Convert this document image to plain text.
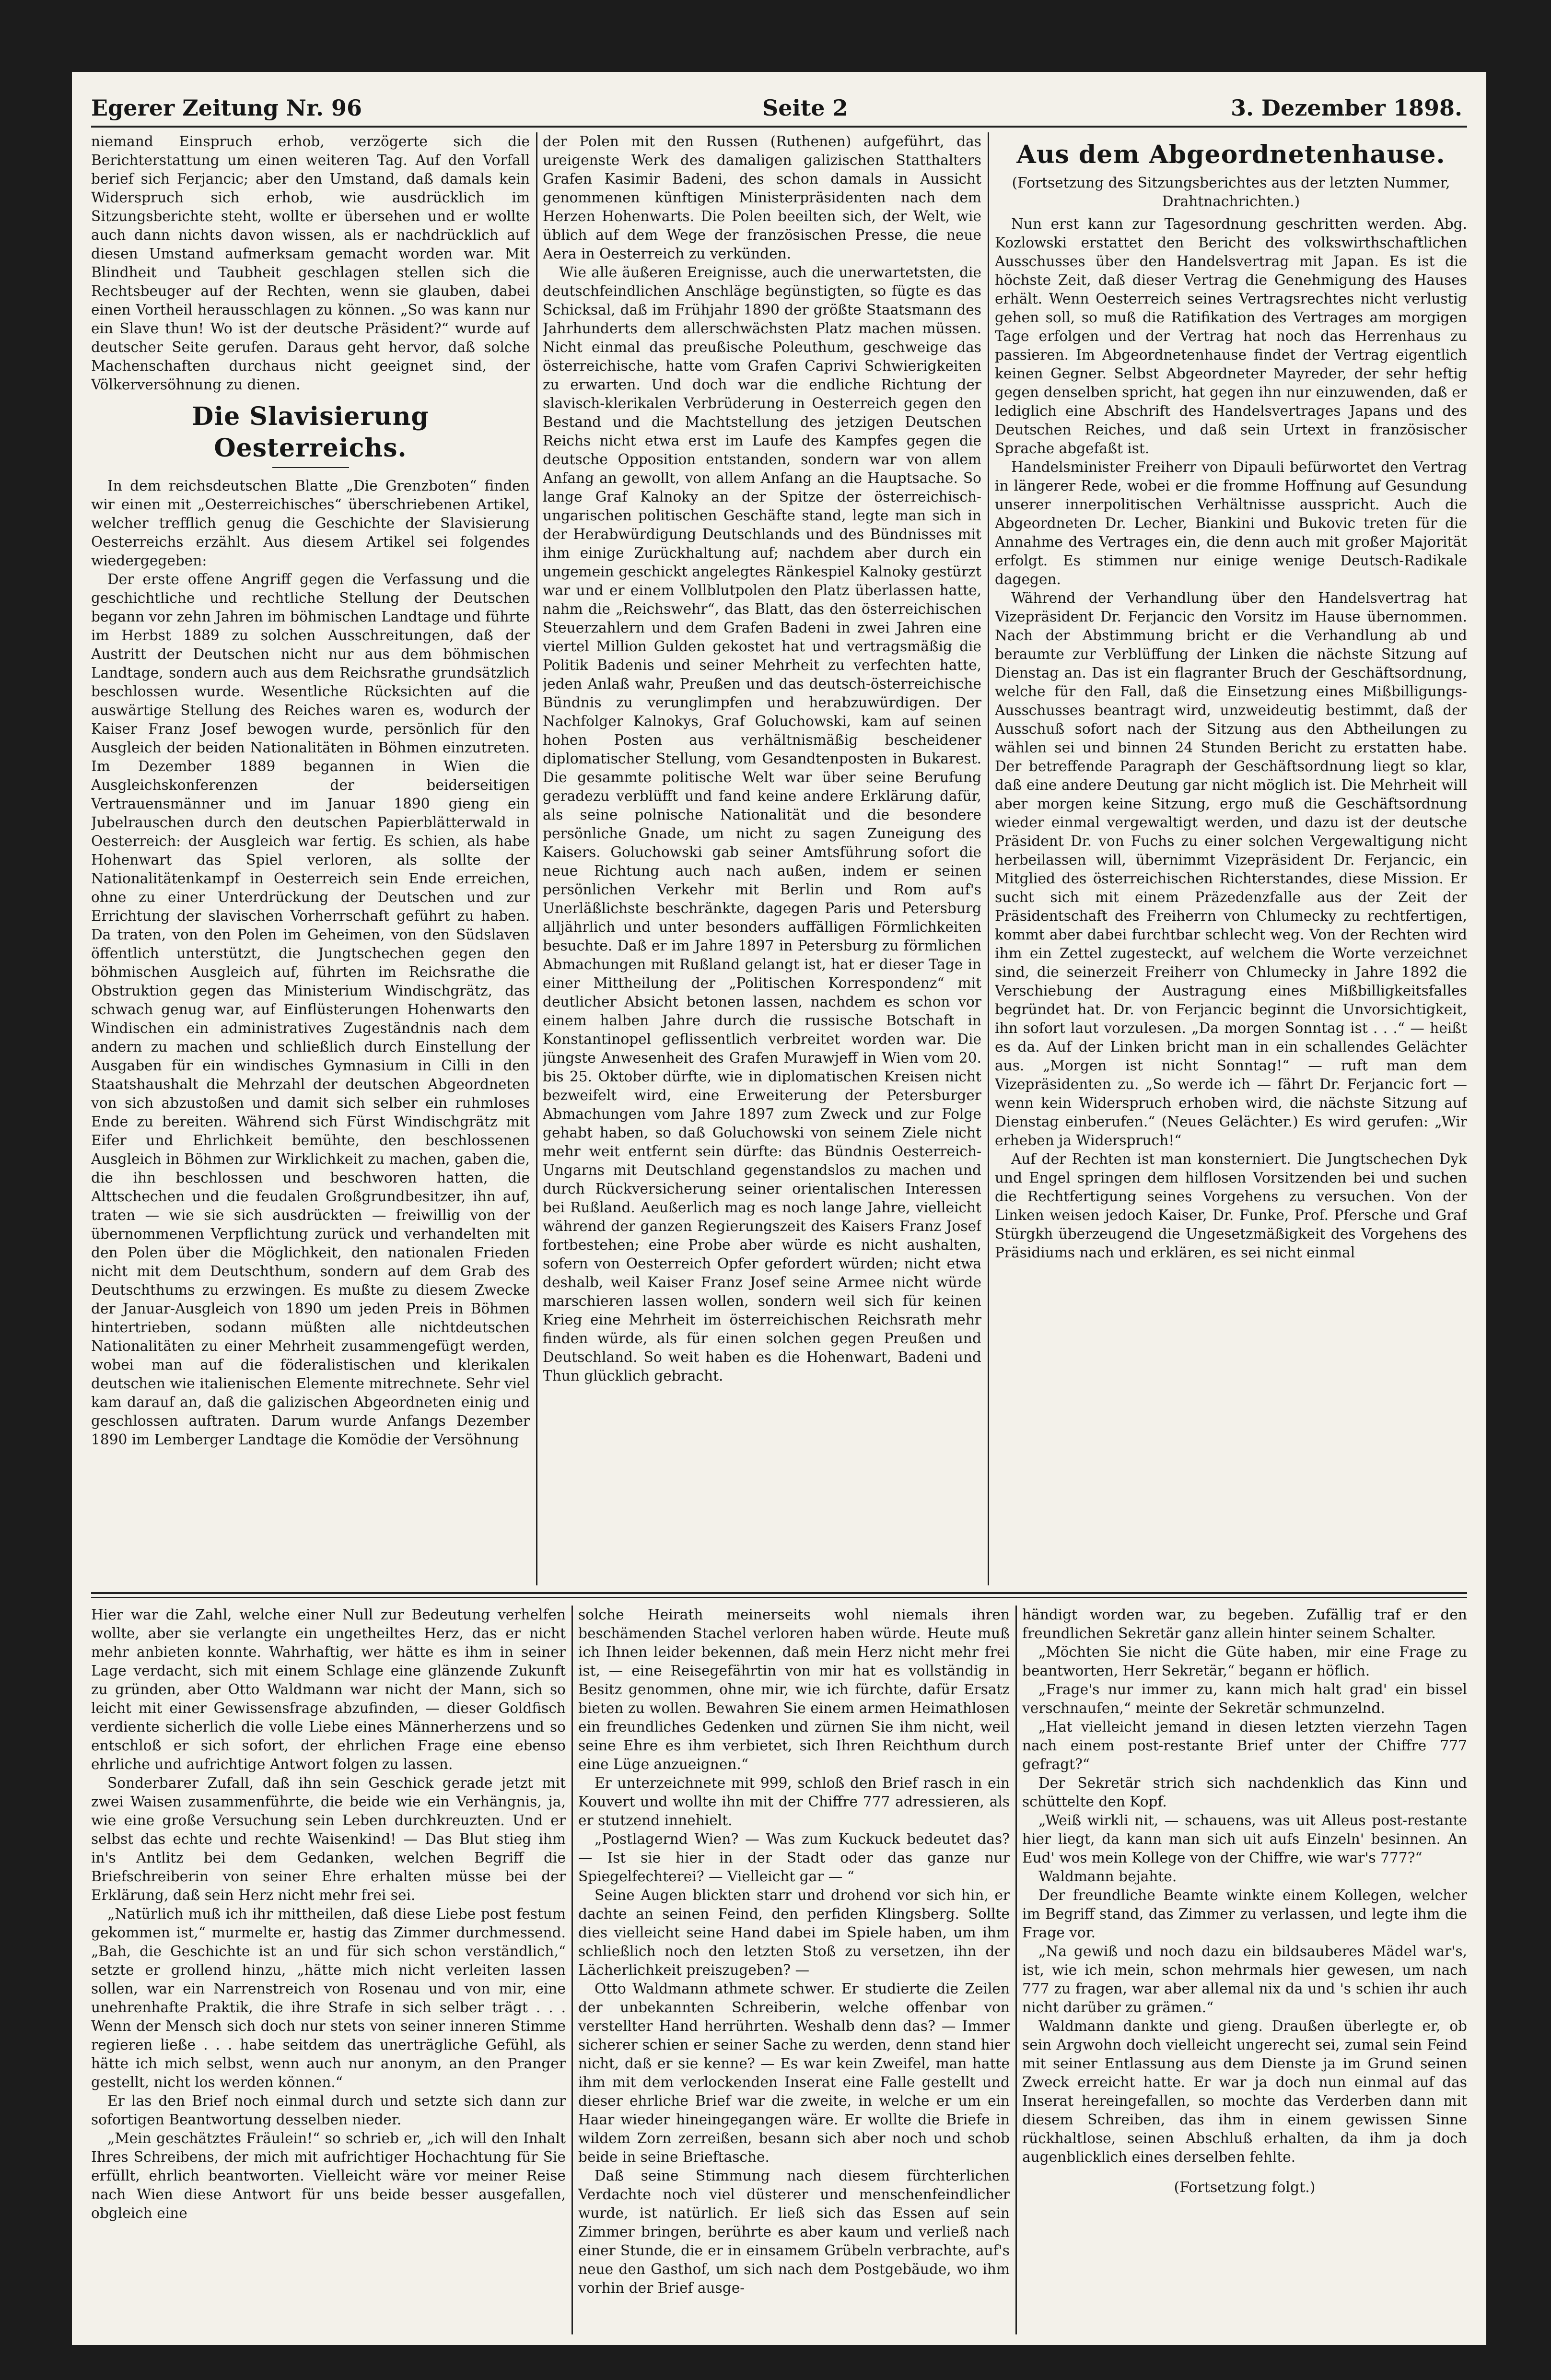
Egerer Zeitung Nr. 96	Seite 2	3. Dezember 1898.

niemand Einspruch erhob, verzögerte sich die Berichterstattung um einen weiteren Tag. Auf den Vorfall berief sich Ferjancic; aber den Umstand, daß damals kein Widerspruch sich erhob, wie ausdrücklich im Sitzungsberichte steht, wollte er übersehen und er wollte auch dann nichts davon wissen, als er nachdrücklich auf diesen Umstand aufmerksam gemacht worden war. Mit Blindheit und Taubheit geschlagen stellen sich die Rechtsbeuger auf der Rechten, wenn sie glauben, dabei einen Vortheil herausschlagen zu können. „So was kann nur ein Slave thun! Wo ist der deutsche Präsident?“ wurde auf deutscher Seite gerufen. Daraus geht hervor, daß solche Machenschaften durchaus nicht geeignet sind, der Völkerversöhnung zu dienen.

Die Slavisierung Oesterreichs.

In dem reichsdeutschen Blatte „Die Grenzboten“ finden wir einen mit „Oesterreichisches“ überschriebenen Artikel, welcher trefflich genug die Geschichte der Slavisierung Oesterreichs erzählt. Aus diesem Artikel sei folgendes wiedergegeben:

Der erste offene Angriff gegen die Verfassung und die geschichtliche und rechtliche Stellung der Deutschen begann vor zehn Jahren im böhmischen Landtage und führte im Herbst 1889 zu solchen Ausschreitungen, daß der Austritt der Deutschen nicht nur aus dem böhmischen Landtage, sondern auch aus dem Reichsrathe grundsätzlich beschlossen wurde. Wesentliche Rücksichten auf die auswärtige Stellung des Reiches waren es, wodurch der Kaiser Franz Josef bewogen wurde, persönlich für den Ausgleich der beiden Nationalitäten in Böhmen einzutreten. Im Dezember 1889 begannen in Wien die Ausgleichskonferenzen der beiderseitigen Vertrauensmänner und im Januar 1890 gieng ein Jubelrauschen durch den deutschen Papierblätterwald in Oesterreich: der Ausgleich war fertig. Es schien, als habe Hohenwart das Spiel verloren, als sollte der Nationalitätenkampf in Oesterreich sein Ende erreichen, ohne zu einer Unterdrückung der Deutschen und zur Errichtung der slavischen Vorherrschaft geführt zu haben. Da traten, von den Polen im Geheimen, von den Südslaven öffentlich unterstützt, die Jungtschechen gegen den böhmischen Ausgleich auf, führten im Reichsrathe die Obstruktion gegen das Ministerium Windischgrätz, das schwach genug war, auf Einflüsterungen Hohenwarts den Windischen ein administratives Zugeständnis nach dem andern zu machen und schließlich durch Einstellung der Ausgaben für ein windisches Gymnasium in Cilli in den Staatshaushalt die Mehrzahl der deutschen Abgeordneten von sich abzustoßen und damit sich selber ein ruhmloses Ende zu bereiten. Während sich Fürst Windischgrätz mit Eifer und Ehrlichkeit bemühte, den beschlossenen Ausgleich in Böhmen zur Wirklichkeit zu machen, gaben die, die ihn beschlossen und beschworen hatten, die Alttschechen und die feudalen Großgrundbesitzer, ihn auf, traten — wie sie sich ausdrückten — freiwillig von der übernommenen Verpflichtung zurück und verhandelten mit den Polen über die Möglichkeit, den nationalen Frieden nicht mit dem Deutschthum, sondern auf dem Grab des Deutschthums zu erzwingen. Es mußte zu diesem Zwecke der Januar-Ausgleich von 1890 um jeden Preis in Böhmen hintertrieben, sodann müßten alle nichtdeutschen Nationalitäten zu einer Mehrheit zusammengefügt werden, wobei man auf die föderalistischen und klerikalen deutschen wie italienischen Elemente mitrechnete. Sehr viel kam darauf an, daß die galizischen Abgeordneten einig und geschlossen auftraten. Darum wurde Anfangs Dezember 1890 im Lemberger Landtage die Komödie der Versöhnung

der Polen mit den Russen (Ruthenen) aufgeführt, das ureigenste Werk des damaligen galizischen Statthalters Grafen Kasimir Badeni, des schon damals in Aussicht genommenen künftigen Ministerpräsidenten nach dem Herzen Hohenwarts. Die Polen beeilten sich, der Welt, wie üblich auf dem Wege der französischen Presse, die neue Aera in Oesterreich zu verkünden.

Wie alle äußeren Ereignisse, auch die unerwartetsten, die deutschfeindlichen Anschläge begünstigten, so fügte es das Schicksal, daß im Frühjahr 1890 der größte Staatsmann des Jahrhunderts dem allerschwächsten Platz machen müssen. Nicht einmal das preußische Poleuthum, geschweige das österreichische, hatte vom Grafen Caprivi Schwierigkeiten zu erwarten. Und doch war die endliche Richtung der slavisch-klerikalen Verbrüderung in Oesterreich gegen den Bestand und die Machtstellung des jetzigen Deutschen Reichs nicht etwa erst im Laufe des Kampfes gegen die deutsche Opposition entstanden, sondern war von allem Anfang an gewollt, von allem Anfang an die Hauptsache. So lange Graf Kalnoky an der Spitze der österreichisch-ungarischen politischen Geschäfte stand, legte man sich in der Herabwürdigung Deutschlands und des Bündnisses mit ihm einige Zurückhaltung auf; nachdem aber durch ein ungemein geschickt angelegtes Ränkespiel Kalnoky gestürzt war und er einem Vollblutpolen den Platz überlassen hatte, nahm die „Reichswehr“, das Blatt, das den österreichischen Steuerzahlern und dem Grafen Badeni in zwei Jahren eine viertel Million Gulden gekostet hat und vertragsmäßig die Politik Badenis und seiner Mehrheit zu verfechten hatte, jeden Anlaß wahr, Preußen und das deutsch-österreichische Bündnis zu verunglimpfen und herabzuwürdigen. Der Nachfolger Kalnokys, Graf Goluchowski, kam auf seinen hohen Posten aus verhältnismäßig bescheidener diplomatischer Stellung, vom Gesandtenposten in Bukarest. Die gesammte politische Welt war über seine Berufung geradezu verblüfft und fand keine andere Erklärung dafür, als seine polnische Nationalität und die besondere persönliche Gnade, um nicht zu sagen Zuneigung des Kaisers. Goluchowski gab seiner Amtsführung sofort die neue Richtung auch nach außen, indem er seinen persönlichen Verkehr mit Berlin und Rom auf's Unerläßlichste beschränkte, dagegen Paris und Petersburg alljährlich und unter besonders auffälligen Förmlichkeiten besuchte. Daß er im Jahre 1897 in Petersburg zu förmlichen Abmachungen mit Rußland gelangt ist, hat er dieser Tage in einer Mittheilung der „Politischen Korrespondenz“ mit deutlicher Absicht betonen lassen, nachdem es schon vor einem halben Jahre durch die russische Botschaft in Konstantinopel geflissentlich verbreitet worden war. Die jüngste Anwesenheit des Grafen Murawjeff in Wien vom 20. bis 25. Oktober dürfte, wie in diplomatischen Kreisen nicht bezweifelt wird, eine Erweiterung der Petersburger Abmachungen vom Jahre 1897 zum Zweck und zur Folge gehabt haben, so daß Goluchowski von seinem Ziele nicht mehr weit entfernt sein dürfte: das Bündnis Oesterreich-Ungarns mit Deutschland gegenstandslos zu machen und durch Rückversicherung seiner orientalischen Interessen bei Rußland. Aeußerlich mag es noch lange Jahre, vielleicht während der ganzen Regierungszeit des Kaisers Franz Josef fortbestehen; eine Probe aber würde es nicht aushalten, sofern von Oesterreich Opfer gefordert würden; nicht etwa deshalb, weil Kaiser Franz Josef seine Armee nicht würde marschieren lassen wollen, sondern weil sich für keinen Krieg eine Mehrheit im österreichischen Reichsrath mehr finden würde, als für einen solchen gegen Preußen und Deutschland. So weit haben es die Hohenwart, Badeni und Thun glücklich gebracht.

Aus dem Abgeordnetenhause.
(Fortsetzung des Sitzungsberichtes aus der letzten Nummer, Drahtnachrichten.)

Nun erst kann zur Tagesordnung geschritten werden. Abg. Kozlowski erstattet den Bericht des volkswirthschaftlichen Ausschusses über den Handelsvertrag mit Japan. Es ist die höchste Zeit, daß dieser Vertrag die Genehmigung des Hauses erhält. Wenn Oesterreich seines Vertragsrechtes nicht verlustig gehen soll, so muß die Ratifikation des Vertrages am morgigen Tage erfolgen und der Vertrag hat noch das Herrenhaus zu passieren. Im Abgeordnetenhause findet der Vertrag eigentlich keinen Gegner. Selbst Abgeordneter Mayreder, der sehr heftig gegen denselben spricht, hat gegen ihn nur einzuwenden, daß er lediglich eine Abschrift des Handelsvertrages Japans und des Deutschen Reiches, und daß sein Urtext in französischer Sprache abgefaßt ist.

Handelsminister Freiherr von Dipauli befürwortet den Vertrag in längerer Rede, wobei er die fromme Hoffnung auf Gesundung unserer innerpolitischen Verhältnisse ausspricht. Auch die Abgeordneten Dr. Lecher, Biankini und Bukovic treten für die Annahme des Vertrages ein, die denn auch mit großer Majorität erfolgt. Es stimmen nur einige wenige Deutsch-Radikale dagegen.

Während der Verhandlung über den Handelsvertrag hat Vizepräsident Dr. Ferjancic den Vorsitz im Hause übernommen. Nach der Abstimmung bricht er die Verhandlung ab und beraumte zur Verblüffung der Linken die nächste Sitzung auf Dienstag an. Das ist ein flagranter Bruch der Geschäftsordnung, welche für den Fall, daß die Einsetzung eines Mißbilligungs-Ausschusses beantragt wird, unzweideutig bestimmt, daß der Ausschuß sofort nach der Sitzung aus den Abtheilungen zu wählen sei und binnen 24 Stunden Bericht zu erstatten habe. Der betreffende Paragraph der Geschäftsordnung liegt so klar, daß eine andere Deutung gar nicht möglich ist. Die Mehrheit will aber morgen keine Sitzung, ergo muß die Geschäftsordnung wieder einmal vergewaltigt werden, und dazu ist der deutsche Präsident Dr. von Fuchs zu einer solchen Vergewaltigung nicht herbeilassen will, übernimmt Vizepräsident Dr. Ferjancic, ein Mitglied des österreichischen Richterstandes, diese Mission. Er sucht sich mit einem Präzedenzfalle aus der Zeit der Präsidentschaft des Freiherrn von Chlumecky zu rechtfertigen, kommt aber dabei furchtbar schlecht weg. Von der Rechten wird ihm ein Zettel zugesteckt, auf welchem die Worte verzeichnet sind, die seinerzeit Freiherr von Chlumecky in Jahre 1892 die Verschiebung der Austragung eines Mißbilligkeitsfalles begründet hat. Dr. von Ferjancic beginnt die Unvorsichtigkeit, ihn sofort laut vorzulesen. „Da morgen Sonntag ist . . .“ — heißt es da. Auf der Linken bricht man in ein schallendes Gelächter aus. „Morgen ist nicht Sonntag!“ — ruft man dem Vizepräsidenten zu. „So werde ich — fährt Dr. Ferjancic fort — wenn kein Widerspruch erhoben wird, die nächste Sitzung auf Dienstag einberufen.“ (Neues Gelächter.) Es wird gerufen: „Wir erheben ja Widerspruch!“

Auf der Rechten ist man konsterniert. Die Jungtschechen Dyk und Engel springen dem hilflosen Vorsitzenden bei und suchen die Rechtfertigung seines Vorgehens zu versuchen. Von der Linken weisen jedoch Kaiser, Dr. Funke, Prof. Pfersche und Graf Stürgkh überzeugend die Ungesetzmäßigkeit des Vorgehens des Präsidiums nach und erklären, es sei nicht einmal

Hier war die Zahl, welche einer Null zur Bedeutung verhelfen wollte, aber sie verlangte ein ungetheiltes Herz, das er nicht mehr anbieten konnte. Wahrhaftig, wer hätte es ihm in seiner Lage verdacht, sich mit einem Schlage eine glänzende Zukunft zu gründen, aber Otto Waldmann war nicht der Mann, sich so leicht mit einer Gewissensfrage abzufinden, — dieser Goldfisch verdiente sicherlich die volle Liebe eines Männerherzens und so entschloß er sich sofort, der ehrlichen Frage eine ebenso ehrliche und aufrichtige Antwort folgen zu lassen.

Sonderbarer Zufall, daß ihn sein Geschick gerade jetzt mit zwei Waisen zusammenführte, die beide wie ein Verhängnis, ja, wie eine große Versuchung sein Leben durchkreuzten. Und er selbst das echte und rechte Waisenkind! — Das Blut stieg ihm in's Antlitz bei dem Gedanken, welchen Begriff die Briefschreiberin von seiner Ehre erhalten müsse bei der Erklärung, daß sein Herz nicht mehr frei sei.

„Natürlich muß ich ihr mittheilen, daß diese Liebe post festum gekommen ist,“ murmelte er, hastig das Zimmer durchmessend. „Bah, die Geschichte ist an und für sich schon verständlich,“ setzte er grollend hinzu, „hätte mich nicht verleiten lassen sollen, war ein Narrenstreich von Rosenau und von mir, eine unehrenhafte Praktik, die ihre Strafe in sich selber trägt . . . Wenn der Mensch sich doch nur stets von seiner inneren Stimme regieren ließe . . . habe seitdem das unerträgliche Gefühl, als hätte ich mich selbst, wenn auch nur anonym, an den Pranger gestellt, nicht los werden können.“

Er las den Brief noch einmal durch und setzte sich dann zur sofortigen Beantwortung desselben nieder.

„Mein geschätztes Fräulein!“ so schrieb er, „ich will den Inhalt Ihres Schreibens, der mich mit aufrichtiger Hochachtung für Sie erfüllt, ehrlich beantworten. Vielleicht wäre vor meiner Reise nach Wien diese Antwort für uns beide besser ausgefallen, obgleich eine

solche Heirath meinerseits wohl niemals ihren beschämenden Stachel verloren haben würde. Heute muß ich Ihnen leider bekennen, daß mein Herz nicht mehr frei ist, — eine Reisegefährtin von mir hat es vollständig in Besitz genommen, ohne mir, wie ich fürchte, dafür Ersatz bieten zu wollen. Bewahren Sie einem armen Heimathlosen ein freundliches Gedenken und zürnen Sie ihm nicht, weil seine Ehre es ihm verbietet, sich Ihren Reichthum durch eine Lüge anzueignen.“

Er unterzeichnete mit 999, schloß den Brief rasch in ein Kouvert und wollte ihn mit der Chiffre 777 adressieren, als er stutzend innehielt.

„Postlagernd Wien? — Was zum Kuckuck bedeutet das? — Ist sie hier in der Stadt oder das ganze nur Spiegelfechterei? — Vielleicht gar — “

Seine Augen blickten starr und drohend vor sich hin, er dachte an seinen Feind, den perfiden Klingsberg. Sollte dies vielleicht seine Hand dabei im Spiele haben, um ihm schließlich noch den letzten Stoß zu versetzen, ihn der Lächerlichkeit preiszugeben? —

Otto Waldmann athmete schwer. Er studierte die Zeilen der unbekannten Schreiberin, welche offenbar von verstellter Hand herrührten. Weshalb denn das? — Immer sicherer schien er seiner Sache zu werden, denn stand hier nicht, daß er sie kenne? — Es war kein Zweifel, man hatte ihm mit dem verlockenden Inserat eine Falle gestellt und dieser ehrliche Brief war die zweite, in welche er um ein Haar wieder hineingegangen wäre. Er wollte die Briefe in wildem Zorn zerreißen, besann sich aber noch und schob beide in seine Brieftasche.

Daß seine Stimmung nach diesem fürchterlichen Verdachte noch viel düsterer und menschenfeindlicher wurde, ist natürlich. Er ließ sich das Essen auf sein Zimmer bringen, berührte es aber kaum und verließ nach einer Stunde, die er in einsamem Grübeln verbrachte, auf's neue den Gasthof, um sich nach dem Postgebäude, wo ihm vorhin der Brief ausge-

händigt worden war, zu begeben. Zufällig traf er den freundlichen Sekretär ganz allein hinter seinem Schalter.

„Möchten Sie nicht die Güte haben, mir eine Frage zu beantworten, Herr Sekretär,“ begann er höflich.

„Frage's nur immer zu, kann mich halt grad' ein bissel verschnaufen,“ meinte der Sekretär schmunzelnd.

„Hat vielleicht jemand in diesen letzten vierzehn Tagen nach einem post-restante Brief unter der Chiffre 777 gefragt?“

Der Sekretär strich sich nachdenklich das Kinn und schüttelte den Kopf.

„Weiß wirkli nit, — schauens, was uit Alleus post-restante hier liegt, da kann man sich uit aufs Einzeln' besinnen. An Eud' wos mein Kollege von der Chiffre, wie war's 777?“

Waldmann bejahte.

Der freundliche Beamte winkte einem Kollegen, welcher im Begriff stand, das Zimmer zu verlassen, und legte ihm die Frage vor.

„Na gewiß und noch dazu ein bildsauberes Mädel war's, ist, wie ich mein, schon mehrmals hier gewesen, um nach 777 zu fragen, war aber allemal nix da und 's schien ihr auch nicht darüber zu grämen.“

Waldmann dankte und gieng. Draußen überlegte er, ob sein Argwohn doch vielleicht ungerecht sei, zumal sein Feind mit seiner Entlassung aus dem Dienste ja im Grund seinen Zweck erreicht hatte. Er war ja doch nun einmal auf das Inserat hereingefallen, so mochte das Verderben dann mit diesem Schreiben, das ihm in einem gewissen Sinne rückhaltlose, seinen Abschluß erhalten, da ihm ja doch augenblicklich eines derselben fehlte.

(Fortsetzung folgt.)
